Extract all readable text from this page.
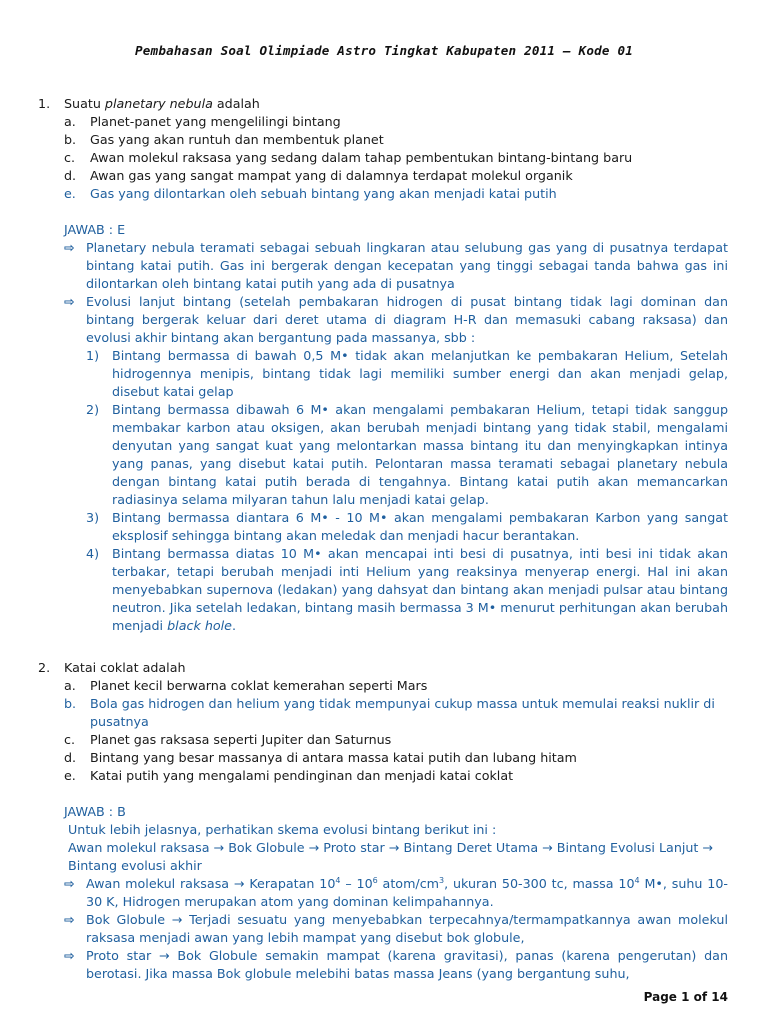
Pembahasan Soal Olimpiade Astro Tingkat Kabupaten 2011 – Kode 01
1.	Suatu planetary nebula adalah
a.	Planet-panet yang mengelilingi bintang
b.	Gas yang akan runtuh dan membentuk planet
c.	Awan molekul raksasa yang sedang dalam tahap pembentukan bintang-bintang baru
d.	Awan gas yang sangat mampat yang di dalamnya terdapat molekul organik
e.	Gas yang dilontarkan oleh sebuah bintang yang akan menjadi katai putih
JAWAB : E
⇨ Planetary nebula teramati sebagai sebuah lingkaran atau selubung gas yang di pusatnya terdapat bintang katai putih. Gas ini bergerak dengan kecepatan yang tinggi sebagai tanda bahwa gas ini dilontarkan oleh bintang katai putih yang ada di pusatnya
⇨ Evolusi lanjut bintang (setelah pembakaran hidrogen di pusat bintang tidak lagi dominan dan bintang bergerak keluar dari deret utama di diagram H-R dan memasuki cabang raksasa) dan evolusi akhir bintang akan bergantung pada massanya, sbb :
1)	Bintang bermassa di bawah 0,5 M• tidak akan melanjutkan ke pembakaran Helium, Setelah hidrogennya menipis, bintang tidak lagi memiliki sumber energi dan akan menjadi gelap, disebut katai gelap
2)	Bintang bermassa dibawah 6 M• akan mengalami pembakaran Helium, tetapi tidak sanggup membakar karbon atau oksigen, akan berubah menjadi bintang yang tidak stabil, mengalami denyutan yang sangat kuat yang melontarkan massa bintang itu dan menyingkapkan intinya yang panas, yang disebut katai putih. Pelontaran massa teramati sebagai planetary nebula dengan bintang katai putih berada di tengahnya. Bintang katai putih akan memancarkan radiasinya selama milyaran tahun lalu menjadi katai gelap.
3)	Bintang bermassa diantara 6 M• - 10 M• akan mengalami pembakaran Karbon yang sangat eksplosif sehingga bintang akan meledak dan menjadi hacur berantakan.
4)	Bintang bermassa diatas 10 M• akan mencapai inti besi di pusatnya, inti besi ini tidak akan terbakar, tetapi berubah menjadi inti Helium yang reaksinya menyerap energi. Hal ini akan menyebabkan supernova (ledakan) yang dahsyat dan bintang akan menjadi pulsar atau bintang neutron. Jika setelah ledakan, bintang masih bermassa 3 M• menurut perhitungan akan berubah menjadi black hole.
2.	Katai coklat adalah
a.	Planet kecil berwarna coklat kemerahan seperti Mars
b.	Bola gas hidrogen dan helium yang tidak mempunyai cukup massa untuk memulai reaksi nuklir di pusatnya
c.	Planet gas raksasa seperti Jupiter dan Saturnus
d.	Bintang yang besar massanya di antara massa katai putih dan lubang hitam
e.	Katai putih yang mengalami pendinginan dan menjadi katai coklat
JAWAB : B
Untuk lebih jelasnya, perhatikan skema evolusi bintang berikut ini :
Awan molekul raksasa → Bok Globule → Proto star → Bintang Deret Utama → Bintang Evolusi Lanjut → Bintang evolusi akhir
⇨ Awan molekul raksasa → Kerapatan $10^4 - 10^6$ atom/$cm^3$, ukuran 50-300 tc, massa $10^4$ M•, suhu 10-30 K, Hidrogen merupakan atom yang dominan kelimpahannya.
⇨ Bok Globule → Terjadi sesuatu yang menyebabkan terpecahnya/termampatkannya awan molekul raksasa menjadi awan yang lebih mampat yang disebut bok globule,
⇨ Proto star → Bok Globule semakin mampat (karena gravitasi), panas (karena pengerutan) dan berotasi. Jika massa Bok globule melebihi batas massa Jeans (yang bergantung suhu,
Page 1 of 14
